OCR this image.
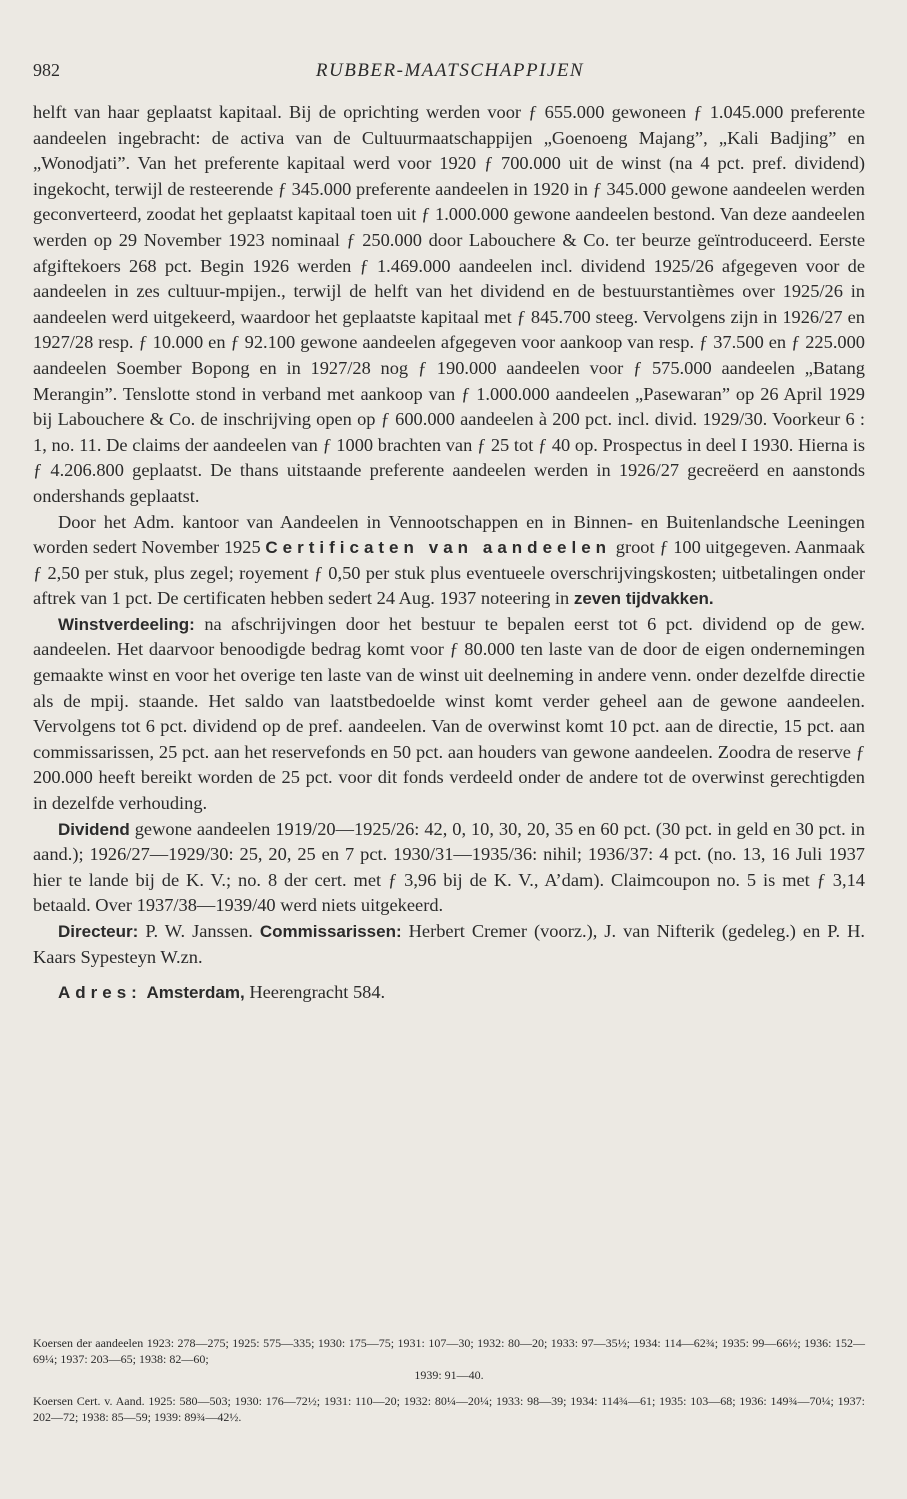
982	RUBBER-MAATSCHAPPIJEN

helft van haar geplaatst kapitaal. Bij de oprichting werden voor ƒ 655.000 gewoneen ƒ 1.045.000 preferente aandeelen ingebracht: de activa van de Cultuurmaatschappijen „Goenoeng Majang”, „Kali Badjing” en „Wonodjati”. Van het preferente kapitaal werd voor 1920 ƒ 700.000 uit de winst (na 4 pct. pref. dividend) ingekocht, terwijl de resteerende ƒ 345.000 preferente aandeelen in 1920 in ƒ 345.000 gewone aandeelen werden geconverteerd, zoodat het geplaatst kapitaal toen uit ƒ 1.000.000 gewone aandeelen bestond. Van deze aandeelen werden op 29 November 1923 nominaal ƒ 250.000 door Labouchere & Co. ter beurze geïntroduceerd. Eerste afgiftekoers 268 pct. Begin 1926 werden ƒ 1.469.000 aandeelen incl. dividend 1925/26 afgegeven voor de aandeelen in zes cultuur-mpijen., terwijl de helft van het dividend en de bestuurstantièmes over 1925/26 in aandeelen werd uitgekeerd, waardoor het geplaatste kapitaal met ƒ 845.700 steeg. Vervolgens zijn in 1926/27 en 1927/28 resp. ƒ 10.000 en ƒ 92.100 gewone aandeelen afgegeven voor aankoop van resp. ƒ 37.500 en ƒ 225.000 aandeelen Soember Bopong en in 1927/28 nog ƒ 190.000 aandeelen voor ƒ 575.000 aandeelen „Batang Merangin”. Tenslotte stond in verband met aankoop van ƒ 1.000.000 aandeelen „Pasewaran” op 26 April 1929 bij Labouchere & Co. de inschrijving open op ƒ 600.000 aandeelen à 200 pct. incl. divid. 1929/30. Voorkeur 6 : 1, no. 11. De claims der aandeelen van ƒ 1000 brachten van ƒ 25 tot ƒ 40 op. Prospectus in deel I 1930. Hierna is ƒ 4.206.800 geplaatst. De thans uitstaande preferente aandeelen werden in 1926/27 gecreëerd en aanstonds ondershands geplaatst.

Door het Adm. kantoor van Aandeelen in Vennootschappen en in Binnen- en Buitenlandsche Leeningen worden sedert November 1925 Certificaten van aandeelen groot ƒ 100 uitgegeven. Aanmaak ƒ 2,50 per stuk, plus zegel; royement ƒ 0,50 per stuk plus eventueele overschrijvingskosten; uitbetalingen onder aftrek van 1 pct. De certificaten hebben sedert 24 Aug. 1937 noteering in zeven tijdvakken.

Winstverdeeling: na afschrijvingen door het bestuur te bepalen eerst tot 6 pct. dividend op de gew. aandeelen. Het daarvoor benoodigde bedrag komt voor ƒ 80.000 ten laste van de door de eigen ondernemingen gemaakte winst en voor het overige ten laste van de winst uit deelneming in andere venn. onder dezelfde directie als de mpij. staande. Het saldo van laatstbedoelde winst komt verder geheel aan de gewone aandeelen. Vervolgens tot 6 pct. dividend op de pref. aandeelen. Van de overwinst komt 10 pct. aan de directie, 15 pct. aan commissarissen, 25 pct. aan het reservefonds en 50 pct. aan houders van gewone aandeelen. Zoodra de reserve ƒ 200.000 heeft bereikt worden de 25 pct. voor dit fonds verdeeld onder de andere tot de overwinst gerechtigden in dezelfde verhouding.

Dividend gewone aandeelen 1919/20—1925/26: 42, 0, 10, 30, 20, 35 en 60 pct. (30 pct. in geld en 30 pct. in aand.); 1926/27—1929/30: 25, 20, 25 en 7 pct. 1930/31—1935/36: nihil; 1936/37: 4 pct. (no. 13, 16 Juli 1937 hier te lande bij de K. V.; no. 8 der cert. met ƒ 3,96 bij de K. V., A’dam). Claimcoupon no. 5 is met ƒ 3,14 betaald. Over 1937/38—1939/40 werd niets uitgekeerd.

Directeur: P. W. Janssen. Commissarissen: Herbert Cremer (voorz.), J. van Nifterik (gedeleg.) en P. H. Kaars Sypesteyn W.zn.

Adres: Amsterdam, Heerengracht 584.

Koersen der aandeelen 1923: 278—275; 1925: 575—335; 1930: 175—75; 1931: 107—30; 1932: 80—20; 1933: 97—35½; 1934: 114—62¾; 1935: 99—66½; 1936: 152—69¼; 1937: 203—65; 1938: 82—60;
1939: 91—40.

Koersen Cert. v. Aand. 1925: 580—503; 1930: 176—72½; 1931: 110—20; 1932: 80¼—20¼; 1933: 98—39; 1934: 114¾—61; 1935: 103—68; 1936: 149¾—70¼; 1937: 202—72; 1938: 85—59; 1939: 89¾—42½.
